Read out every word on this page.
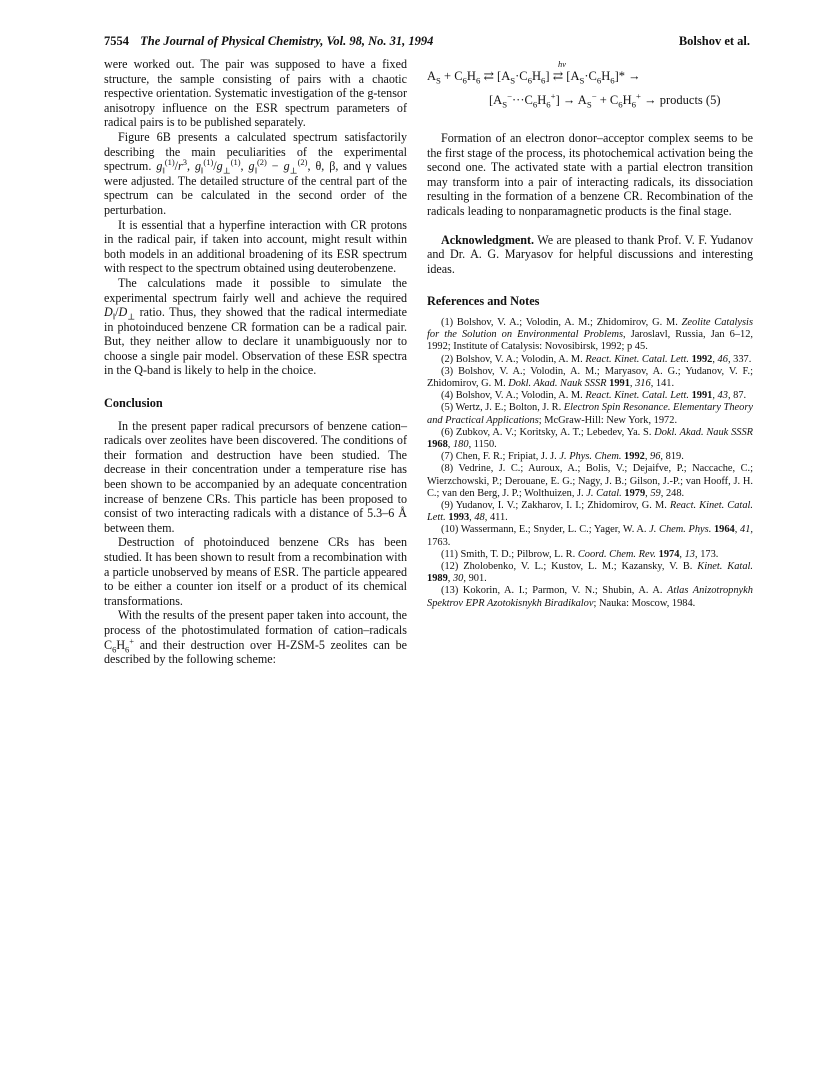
7554 The Journal of Physical Chemistry, Vol. 98, No. 31, 1994	Bolshov et al.

were worked out. The pair was supposed to have a fixed structure, the sample consisting of pairs with a chaotic respective orientation. Systematic investigation of the g-tensor anisotropy influence on the ESR spectrum parameters of radical pairs is to be published separately.

Figure 6B presents a calculated spectrum satisfactorily describing the main peculiarities of the experimental spectrum. $g_‖^{(1)}/r^3$, $g_‖^{(1)}/g_\perp^{(1)}$, $g_‖^{(2)} - g_\perp^{(2)}$, θ, β, and γ values were adjusted. The detailed structure of the central part of the spectrum can be calculated in the second order of the perturbation.

It is essential that a hyperfine interaction with CR protons in the radical pair, if taken into account, might result within both models in an additional broadening of its ESR spectrum with respect to the spectrum obtained using deuterobenzene.

The calculations made it possible to simulate the experimental spectrum fairly well and achieve the required $D_‖/D_\perp$ ratio. Thus, they showed that the radical intermediate in photoinduced benzene CR formation can be a radical pair. But, they neither allow to declare it unambiguously nor to choose a single pair model. Observation of these ESR spectra in the Q-band is likely to help in the choice.

Conclusion

In the present paper radical precursors of benzene cation–radicals over zeolites have been discovered. The conditions of their formation and destruction have been studied. The decrease in their concentration under a temperature rise has been shown to be accompanied by an adequate concentration increase of benzene CRs. This particle has been proposed to consist of two interacting radicals with a distance of 5.3–6 Å between them.

Destruction of photoinduced benzene CRs has been studied. It has been shown to result from a recombination with a particle unobserved by means of ESR. The particle appeared to be either a counter ion itself or a product of its chemical transformations.

With the results of the present paper taken into account, the process of the photostimulated formation of cation–radicals $C_6H_6^+$ and their destruction over H-ZSM-5 zeolites can be described by the following scheme:

hν
$A_S + C_6H_6$ ⇄ $[A_S\cdot C_6H_6]$ ⇄ $[A_S\cdot C_6H_6]*$ →
$[A_S^-\cdot\cdot\cdot C_6H_6^+] \to A_S^- + C_6H_6^+$ → products (5)

Formation of an electron donor–acceptor complex seems to be the first stage of the process, its photochemical activation being the second one. The activated state with a partial electron transition may transform into a pair of interacting radicals, its dissociation resulting in the formation of a benzene CR. Recombination of the radicals leading to nonparamagnetic products is the final stage.

Acknowledgment. We are pleased to thank Prof. V. F. Yudanov and Dr. A. G. Maryasov for helpful discussions and interesting ideas.

References and Notes

(1) Bolshov, V. A.; Volodin, A. M.; Zhidomirov, G. M. Zeolite Catalysis for the Solution on Environmental Problems, Jaroslavl, Russia, Jan 6–12, 1992; Institute of Catalysis: Novosibirsk, 1992; p 45.

(2) Bolshov, V. A.; Volodin, A. M. React. Kinet. Catal. Lett. 1992, 46, 337.

(3) Bolshov, V. A.; Volodin, A. M.; Maryasov, A. G.; Yudanov, V. F.; Zhidomirov, G. M. Dokl. Akad. Nauk SSSR 1991, 316, 141.

(4) Bolshov, V. A.; Volodin, A. M. React. Kinet. Catal. Lett. 1991, 43, 87.

(5) Wertz, J. E.; Bolton, J. R. Electron Spin Resonance. Elementary Theory and Practical Applications; McGraw-Hill: New York, 1972.

(6) Zubkov, A. V.; Koritsky, A. T.; Lebedev, Ya. S. Dokl. Akad. Nauk SSSR 1968, 180, 1150.

(7) Chen, F. R.; Fripiat, J. J. J. Phys. Chem. 1992, 96, 819.

(8) Vedrine, J. C.; Auroux, A.; Bolis, V.; Dejaifve, P.; Naccache, C.; Wierzchowski, P.; Derouane, E. G.; Nagy, J. B.; Gilson, J.-P.; van Hooff, J. H. C.; van den Berg, J. P.; Wolthuizen, J. J. Catal. 1979, 59, 248.

(9) Yudanov, I. V.; Zakharov, I. I.; Zhidomirov, G. M. React. Kinet. Catal. Lett. 1993, 48, 411.

(10) Wassermann, E.; Snyder, L. C.; Yager, W. A. J. Chem. Phys. 1964, 41, 1763.

(11) Smith, T. D.; Pilbrow, L. R. Coord. Chem. Rev. 1974, 13, 173.

(12) Zholobenko, V. L.; Kustov, L. M.; Kazansky, V. B. Kinet. Katal. 1989, 30, 901.

(13) Kokorin, A. I.; Parmon, V. N.; Shubin, A. A. Atlas Anizotropnykh Spektrov EPR Azotokisnykh Biradikalov; Nauka: Moscow, 1984.
